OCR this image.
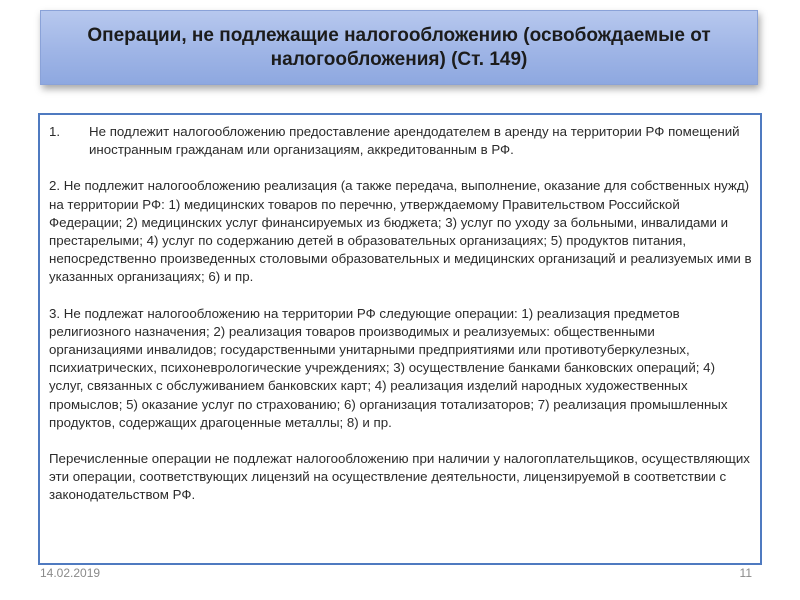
Операции, не подлежащие налогообложению (освобождаемые от налогообложения) (Ст. 149)
1.	Не подлежит налогообложению предоставление арендодателем в аренду на территории РФ помещений иностранным гражданам или организациям, аккредитованным в РФ.

2. Не подлежит налогообложению реализация (а также передача, выполнение, оказание для собственных нужд) на территории РФ: 1) медицинских товаров по перечню, утверждаемому Правительством Российской Федерации; 2) медицинских услуг финансируемых из бюджета; 3) услуг по уходу за больными, инвалидами и престарелыми; 4) услуг по содержанию детей в образовательных организациях; 5) продуктов питания, непосредственно произведенных столовыми образовательных и медицинских организаций и реализуемых ими в указанных организациях; 6) и пр.

3. Не подлежат налогообложению на территории РФ следующие операции: 1) реализация предметов религиозного назначения; 2) реализация товаров производимых и реализуемых: общественными организациями инвалидов; государственными унитарными предприятиями или противотуберкулезных, психиатрических, психоневрологические учреждениях; 3) осуществление банками банковских операций; 4) услуг, связанных с обслуживанием банковских карт; 4) реализация изделий народных художественных промыслов; 5) оказание услуг по страхованию; 6) организация тотализаторов; 7) реализация промышленных продуктов, содержащих драгоценные металлы; 8) и пр.

Перечисленные операции не подлежат налогообложению при наличии у налогоплательщиков, осуществляющих эти операции, соответствующих лицензий на осуществление деятельности, лицензируемой в соответствии с законодательством РФ.

14.02.2019	11
